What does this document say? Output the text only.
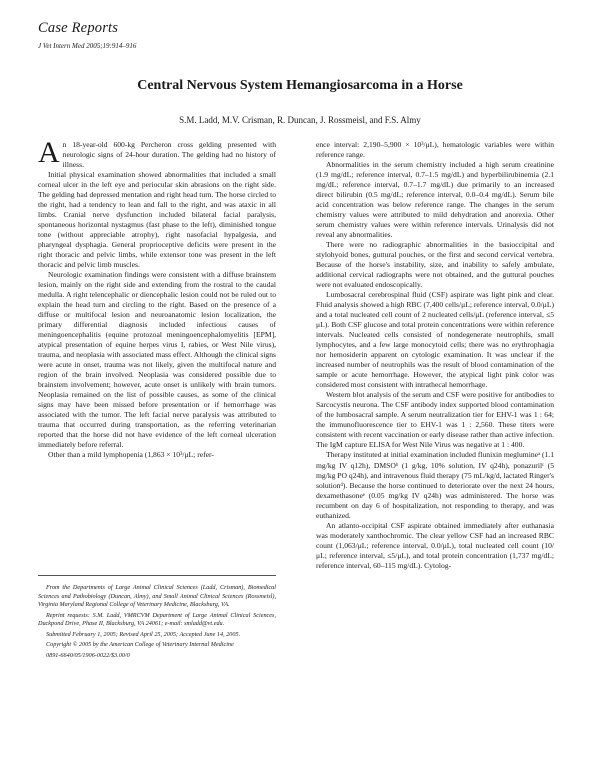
Case Reports
J Vet Intern Med 2005;19:914–916
Central Nervous System Hemangiosarcoma in a Horse
S.M. Ladd, M.V. Crisman, R. Duncan, J. Rossmeisl, and F.S. Almy

An 18-year-old 600-kg Percheron cross gelding presented with neurologic signs of 24-hour duration. The gelding had no history of illness.

Initial physical examination showed abnormalities that included a small corneal ulcer in the left eye and periocular skin abrasions on the right side. The gelding had depressed mentation and right head turn. The horse circled to the right, had a tendency to lean and fall to the right, and was ataxic in all limbs. Cranial nerve dysfunction included bilateral facial paralysis, spontaneous horizontal nystagmus (fast phase to the left), diminished tongue tone (without appreciable atrophy), right nasofacial hypalgesia, and pharyngeal dysphagia. General proprioceptive deficits were present in the right thoracic and pelvic limbs, while extensor tone was present in the left thoracic and pelvic limb muscles.

Neurologic examination findings were consistent with a diffuse brainstem lesion, mainly on the right side and extending from the rostral to the caudal medulla. A right telencephalic or diencephalic lesion could not be ruled out to explain the head turn and circling to the right. Based on the presence of a diffuse or multifocal lesion and neuroanatomic lesion localization, the primary differential diagnosis included infectious causes of meningoencephalitis (equine protozoal meningoencephalomyelitis [EPM], atypical presentation of equine herpes virus I, rabies, or West Nile virus), trauma, and neoplasia with associated mass effect. Although the clinical signs were acute in onset, trauma was not likely, given the multifocal nature and region of the brain involved. Neoplasia was considered possible due to brainstem involvement; however, acute onset is unlikely with brain tumors. Neoplasia remained on the list of possible causes, as some of the clinical signs may have been missed before presentation or if hemorrhage was associated with the tumor. The left facial nerve paralysis was attributed to trauma that occurred during transportation, as the referring veterinarian reported that the horse did not have evidence of the left corneal ulceration immediately before referral.

Other than a mild lymphopenia (1,863 × 10³/μL; refer-

From the Departments of Large Animal Clinical Sciences (Ladd, Crisman), Biomedical Sciences and Pathobiology (Duncan, Almy), and Small Animal Clinical Sciences (Rossmeisl), Virginia Maryland Regional College of Veterinary Medicine, Blacksburg, VA.

Reprint requests: S.M. Ladd, VMRCVM Department of Large Animal Clinical Sciences, Duckpond Drive, Phase II, Blacksburg, VA 24061; e-mail: smladd@vt.edu.

Submitted February 1, 2005; Revised April 25, 2005; Accepted June 14, 2005.

Copyright © 2005 by the American College of Veterinary Internal Medicine

0891-6640/05/1906-0022/$3.00/0

ence interval: 2,190–5,900 × 10³/μL), hematologic variables were within reference range.

Abnormalities in the serum chemistry included a high serum creatinine (1.9 mg/dL; reference interval, 0.7–1.5 mg/dL) and hyperbilirubinemia (2.1 mg/dL; reference interval, 0.7–1.7 mg/dL) due primarily to an increased direct bilirubin (0.5 mg/dL; reference interval, 0.0–0.4 mg/dL). Serum bile acid concentration was below reference range. The changes in the serum chemistry values were attributed to mild dehydration and anorexia. Other serum chemistry values were within reference intervals. Urinalysis did not reveal any abnormalities.

There were no radiographic abnormalities in the basioccipital and stylohyoid bones, guttural pouches, or the first and second cervical vertebra. Because of the horse's instability, size, and inability to safely ambulate, additional cervical radiographs were not obtained, and the guttural pouches were not evaluated endoscopically.

Lumbosacral cerebrospinal fluid (CSF) aspirate was light pink and clear. Fluid analysis showed a high RBC (7,400 cells/μL; reference interval, 0.0/μL) and a total nucleated cell count of 2 nucleated cells/μL (reference interval, ≤5 μL). Both CSF glucose and total protein concentrations were within reference intervals. Nucleated cells consisted of nondegenerate neutrophils, small lymphocytes, and a few large monocytoid cells; there was no erythrophagia nor hemosiderin apparent on cytologic examination. It was unclear if the increased number of neutrophils was the result of blood contamination of the sample or acute hemorrhage. However, the atypical light pink color was considered most consistent with intrathecal hemorrhage.

Western blot analysis of the serum and CSF were positive for antibodies to Sarcocystis neurona. The CSF antibody index supported blood contamination of the lumbosacral sample. A serum neutralization tier for EHV-1 was 1 : 64; the immunofluorescence tier to EHV-1 was 1 : 2,560. These titers were consistent with recent vaccination or early disease rather than active infection. The IgM capture ELISA for West Nile Virus was negative at 1 : 400.

Therapy instituted at initial examination included flunixin meglumineᵃ (1.1 mg/kg IV q12h), DMSOᵇ (1 g/kg, 10% solution, IV q24h), ponazurilᶜ (5 mg/kg PO q24h), and intravenous fluid therapy (75 mL/kg/d, lactated Ringer's solutionᵈ). Because the horse continued to deteriorate over the next 24 hours, dexamethasoneᵉ (0.05 mg/kg IV q24h) was administered. The horse was recumbent on day 6 of hospitalization, not responding to therapy, and was euthanized.

An atlanto-occipital CSF aspirate obtained immediately after euthanasia was moderately xanthochromic. The clear yellow CSF had an increased RBC count (1,063/μL; reference interval, 0.0/μL), total nucleated cell count (10/μL; reference interval, ≤5/μL), and total protein concentration (1,737 mg/dL; reference interval, 60–115 mg/dL). Cytolog-
